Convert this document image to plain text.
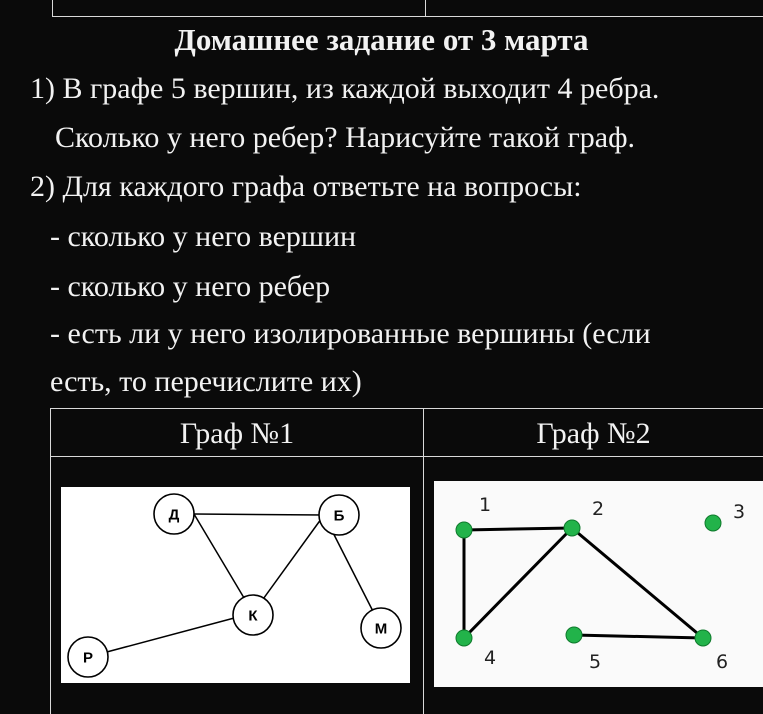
Домашнее задание от 3 марта
1) В графе 5 вершин, из каждой выходит 4 ребра.
Сколько у него ребер? Нарисуйте такой граф.
2) Для каждого графа ответьте на вопросы:
- сколько у него вершин
- сколько у него ребер
- есть ли у него изолированные вершины (если
есть, то перечислите их)
Граф №1	Граф №2
Д	Б
К
М
Р
1	2	3
4	5	6
